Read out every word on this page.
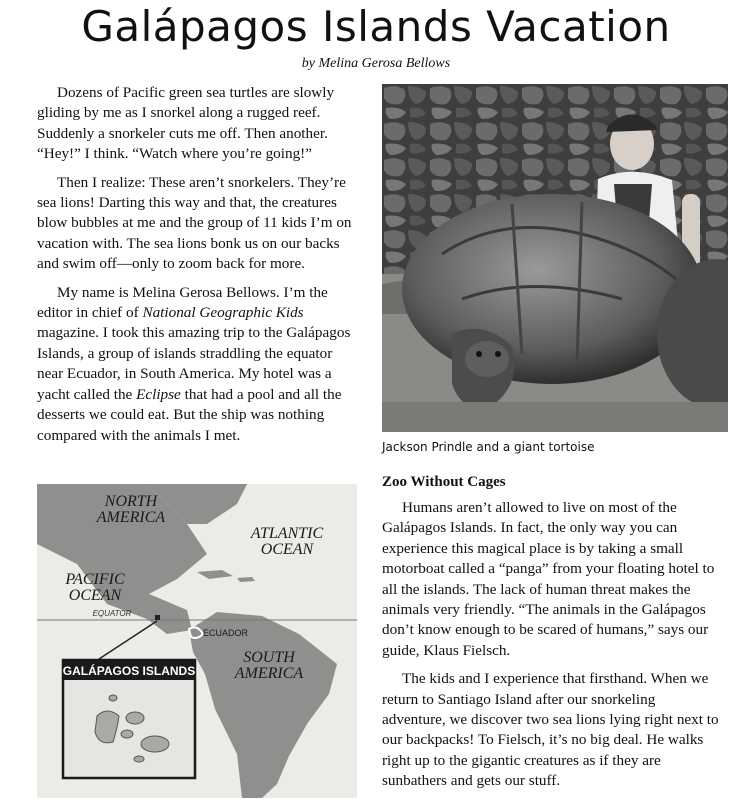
Galápagos Islands Vacation
by Melina Gerosa Bellows

Dozens of Pacific green sea turtles are slowly gliding by me as I snorkel along a rugged reef. Suddenly a snorkeler cuts me off. Then another. “Hey!” I think. “Watch where you’re going!”

Then I realize: These aren’t snorkelers. They’re sea lions! Darting this way and that, the creatures blow bubbles at me and the group of 11 kids I’m on vacation with. The sea lions bonk us on our backs and swim off—only to zoom back for more.

My name is Melina Gerosa Bellows. I’m the editor in chief of National Geographic Kids magazine. I took this amazing trip to the Galápagos Islands, a group of islands straddling the equator near Ecuador, in South America. My hotel was a yacht called the Eclipse that had a pool and all the desserts we could eat. But the ship was nothing compared with the animals I met.

Jackson Prindle and a giant tortoise
Zoo Without Cages

Humans aren’t allowed to live on most of the Galápagos Islands. In fact, the only way you can experience this magical place is by taking a small motorboat called a “panga” from your floating hotel to all the islands. The lack of human threat makes the animals very friendly. “The animals in the Galápagos don’t know enough to be scared of humans,” says our guide, Klaus Fielsch.

The kids and I experience that firsthand. When we return to Santiago Island after our snorkeling adventure, we discover two sea lions lying right next to our backpacks! To Fielsch, it’s no big deal. He walks right up to the gigantic creatures as if they are sunbathers and gets our stuff.

GALÁPAGOS ISLANDS
NORTH
AMERICA
ATLANTIC
OCEAN
PACIFIC
OCEAN
EQUATOR
ECUADOR
SOUTH
AMERICA
